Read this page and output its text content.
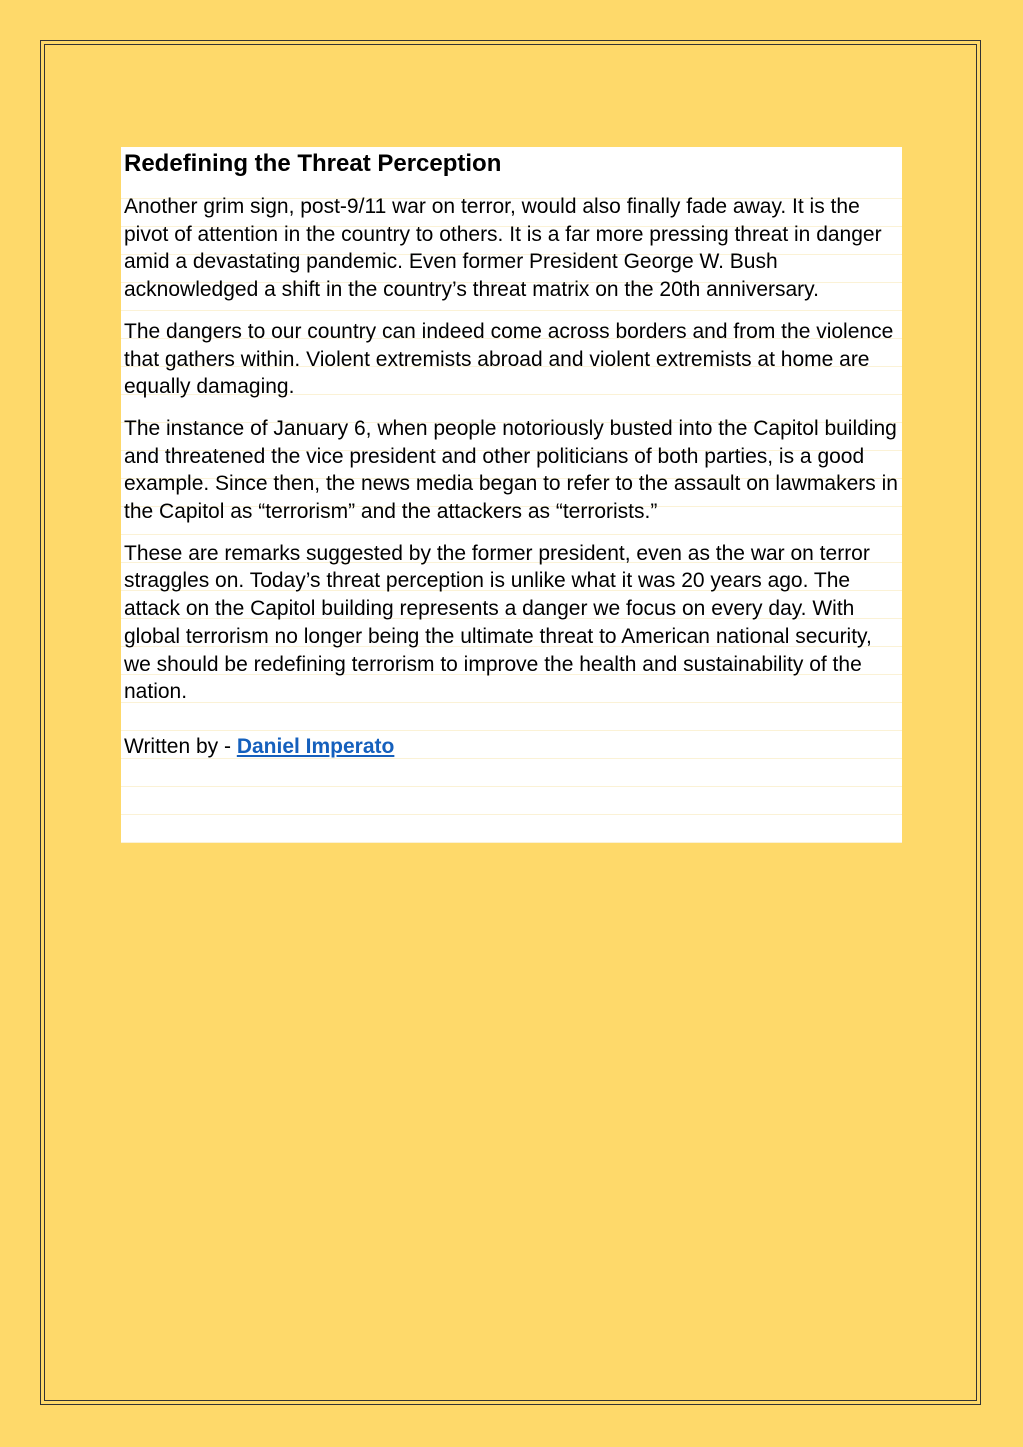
Redefining the Threat Perception

Another grim sign, post-9/11 war on terror, would also finally fade away. It is the pivot of attention in the country to others. It is a far more pressing threat in danger amid a devastating pandemic. Even former President George W. Bush acknowledged a shift in the country’s threat matrix on the 20th anniversary.

The dangers to our country can indeed come across borders and from the violence that gathers within. Violent extremists abroad and violent extremists at home are equally damaging.

The instance of January 6, when people notoriously busted into the Capitol building and threatened the vice president and other politicians of both parties, is a good example. Since then, the news media began to refer to the assault on lawmakers in the Capitol as “terrorism” and the attackers as “terrorists.”

These are remarks suggested by the former president, even as the war on terror straggles on. Today’s threat perception is unlike what it was 20 years ago. The attack on the Capitol building represents a danger we focus on every day. With global terrorism no longer being the ultimate threat to American national security, we should be redefining terrorism to improve the health and sustainability of the nation.

Written by - Daniel Imperato
